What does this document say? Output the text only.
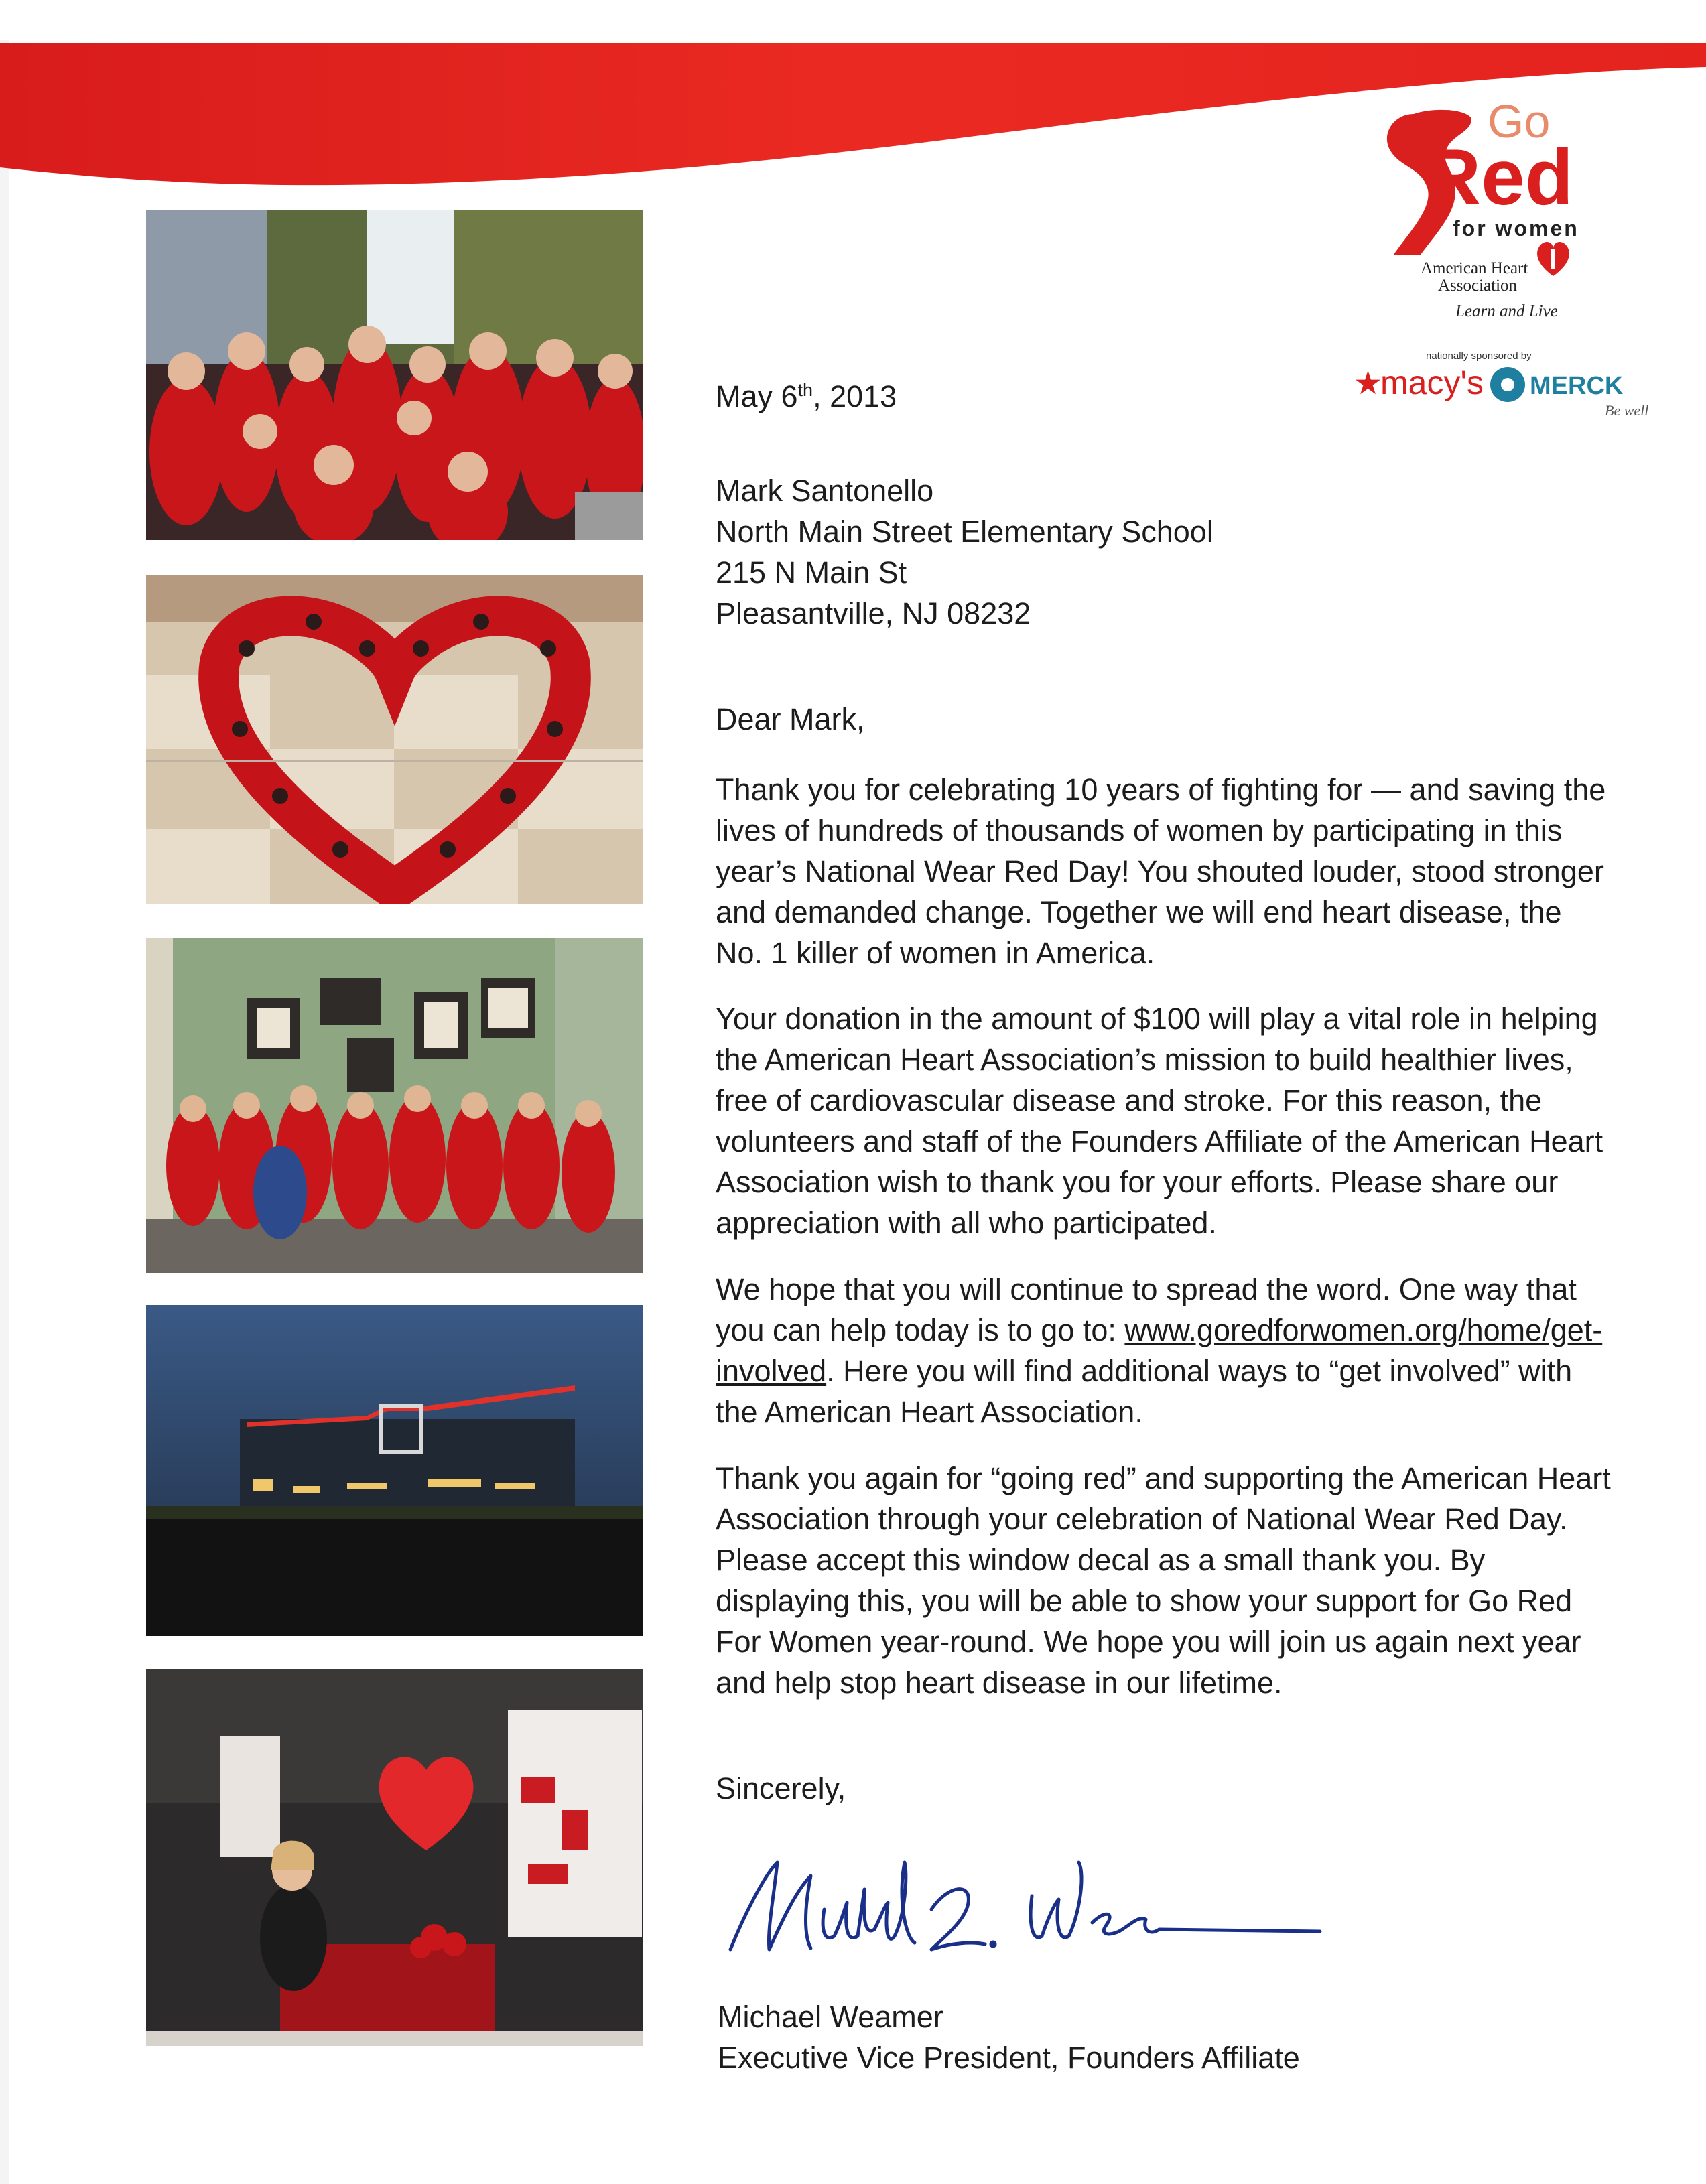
Go
Red
for women
American Heart
Association
Learn and Live
nationally sponsored by
★
macy's MERCK
Be well
May 6th, 2013
Mark Santonello
North Main Street Elementary School
215 N Main St
Pleasantville, NJ 08232
Dear Mark,
Thank you for celebrating 10 years of fighting for — and saving the
lives of hundreds of thousands of women by participating in this
year’s National Wear Red Day! You shouted louder, stood stronger
and demanded change. Together we will end heart disease, the
No. 1 killer of women in America.
Your donation in the amount of $100 will play a vital role in helping
the American Heart Association’s mission to build healthier lives,
free of cardiovascular disease and stroke. For this reason, the
volunteers and staff of the Founders Affiliate of the American Heart
Association wish to thank you for your efforts. Please share our
appreciation with all who participated.
We hope that you will continue to spread the word. One way that
you can help today is to go to: www.goredforwomen.org/home/get-
involved. Here you will find additional ways to “get involved” with
the American Heart Association.
Thank you again for “going red” and supporting the American Heart
Association through your celebration of National Wear Red Day.
Please accept this window decal as a small thank you. By
displaying this, you will be able to show your support for Go Red
For Women year-round. We hope you will join us again next year
and help stop heart disease in our lifetime.
Sincerely,
Michael Weamer
Executive Vice President, Founders Affiliate
